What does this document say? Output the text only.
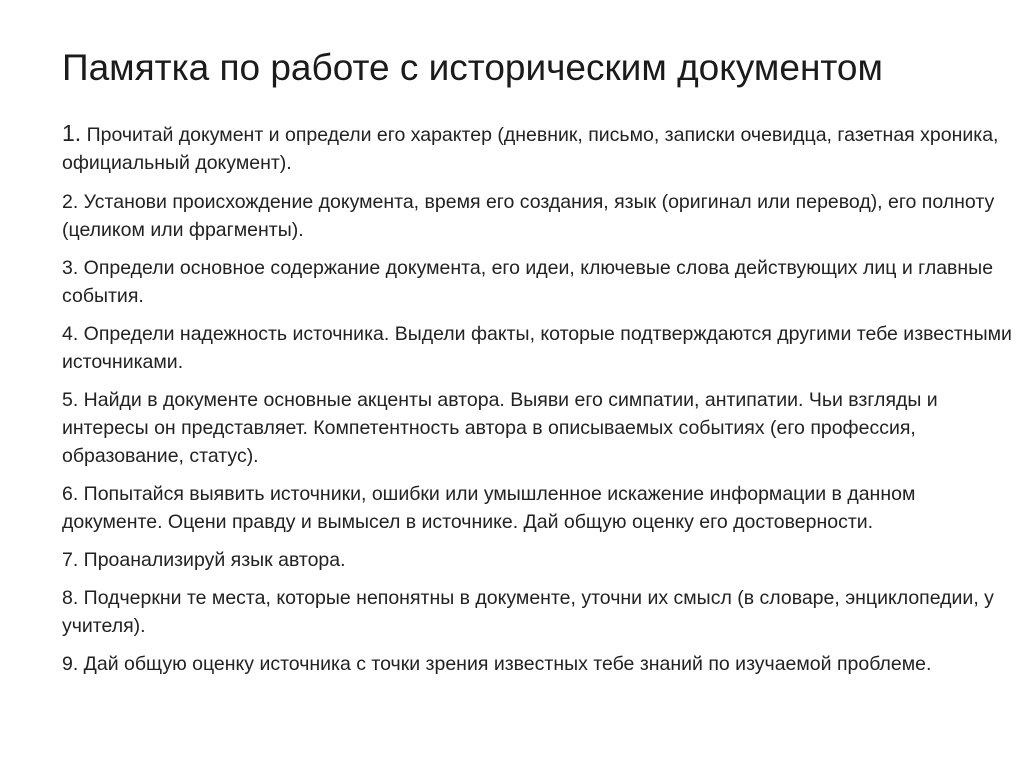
Памятка по работе с историческим документом
1. Прочитай документ и определи его характер (дневник, письмо, записки очевидца, газетная хроника, официальный документ).
2. Установи происхождение документа, время его создания, язык (оригинал или перевод), его полноту (целиком или фрагменты).
3. Определи основное содержание документа, его идеи, ключевые слова действующих лиц и главные события.
4. Определи надежность источника. Выдели факты, которые подтверждаются другими тебе известными источниками.
5. Найди в документе основные акценты автора. Выяви его симпатии, антипатии. Чьи взгляды и интересы он представляет. Компетентность автора в описываемых событиях (его профессия, образование, статус).
6. Попытайся выявить источники, ошибки или умышленное искажение информации в данном документе. Оцени правду и вымысел в источнике. Дай общую оценку его достоверности.
7. Проанализируй язык автора.
8. Подчеркни те места, которые непонятны в документе, уточни их смысл (в словаре, энциклопедии, у учителя).
9. Дай общую оценку источника с точки зрения известных тебе знаний по изучаемой проблеме.
